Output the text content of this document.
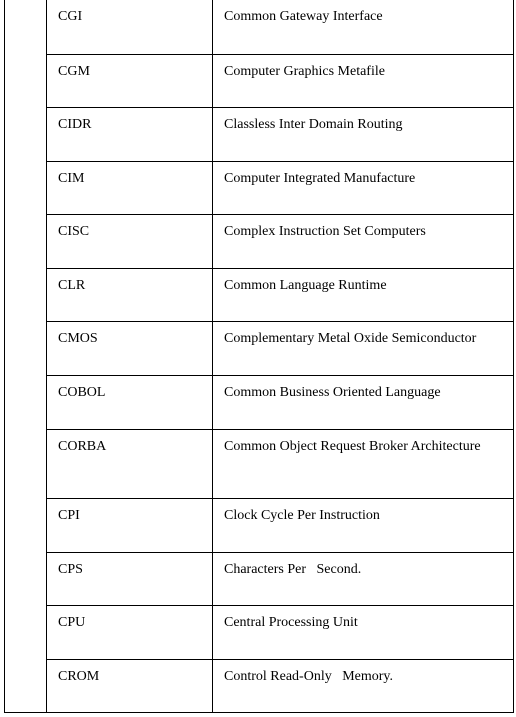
CGI	Common Gateway Interface
CGM	Computer Graphics Metafile
CIDR	Classless Inter Domain Routing
CIM	Computer Integrated Manufacture
CISC	Complex Instruction Set Computers
CLR	Common Language Runtime
CMOS	Complementary Metal Oxide Semiconductor
COBOL	Common Business Oriented Language
CORBA	Common Object Request Broker Architecture
CPI	Clock Cycle Per Instruction
CPS	Characters Per   Second.
CPU	Central Processing Unit
CROM	Control Read-Only   Memory.
